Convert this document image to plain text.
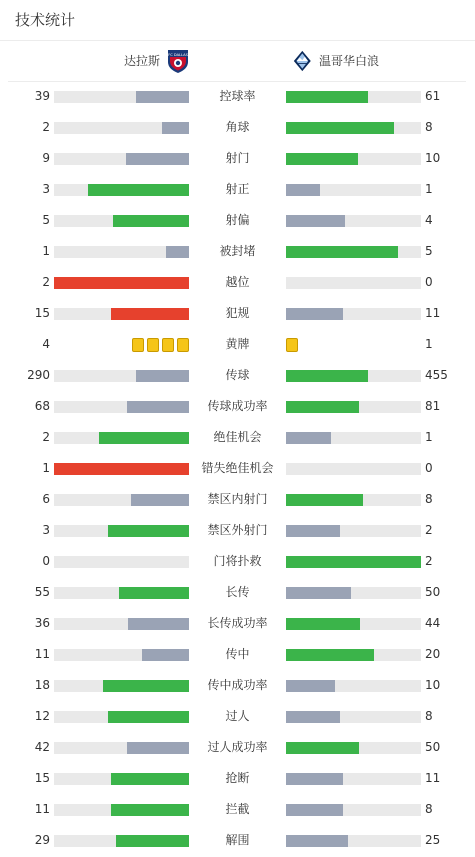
技术统计
达拉斯 FC DALLAS	温哥华白浪
39	控球率	61
2	角球	8
9	射门	10
3	射正	1
5	射偏	4
1	被封堵	5
2	越位	0
15	犯规	11
4	黄牌	1
290	传球	455
68	传球成功率	81
2	绝佳机会	1
1	错失绝佳机会	0
6	禁区内射门	8
3	禁区外射门	2
0	门将扑救	2
55	长传	50
36	长传成功率	44
11	传中	20
18	传中成功率	10
12	过人	8
42	过人成功率	50
15	抢断	11
11	拦截	8
29	解围	25
